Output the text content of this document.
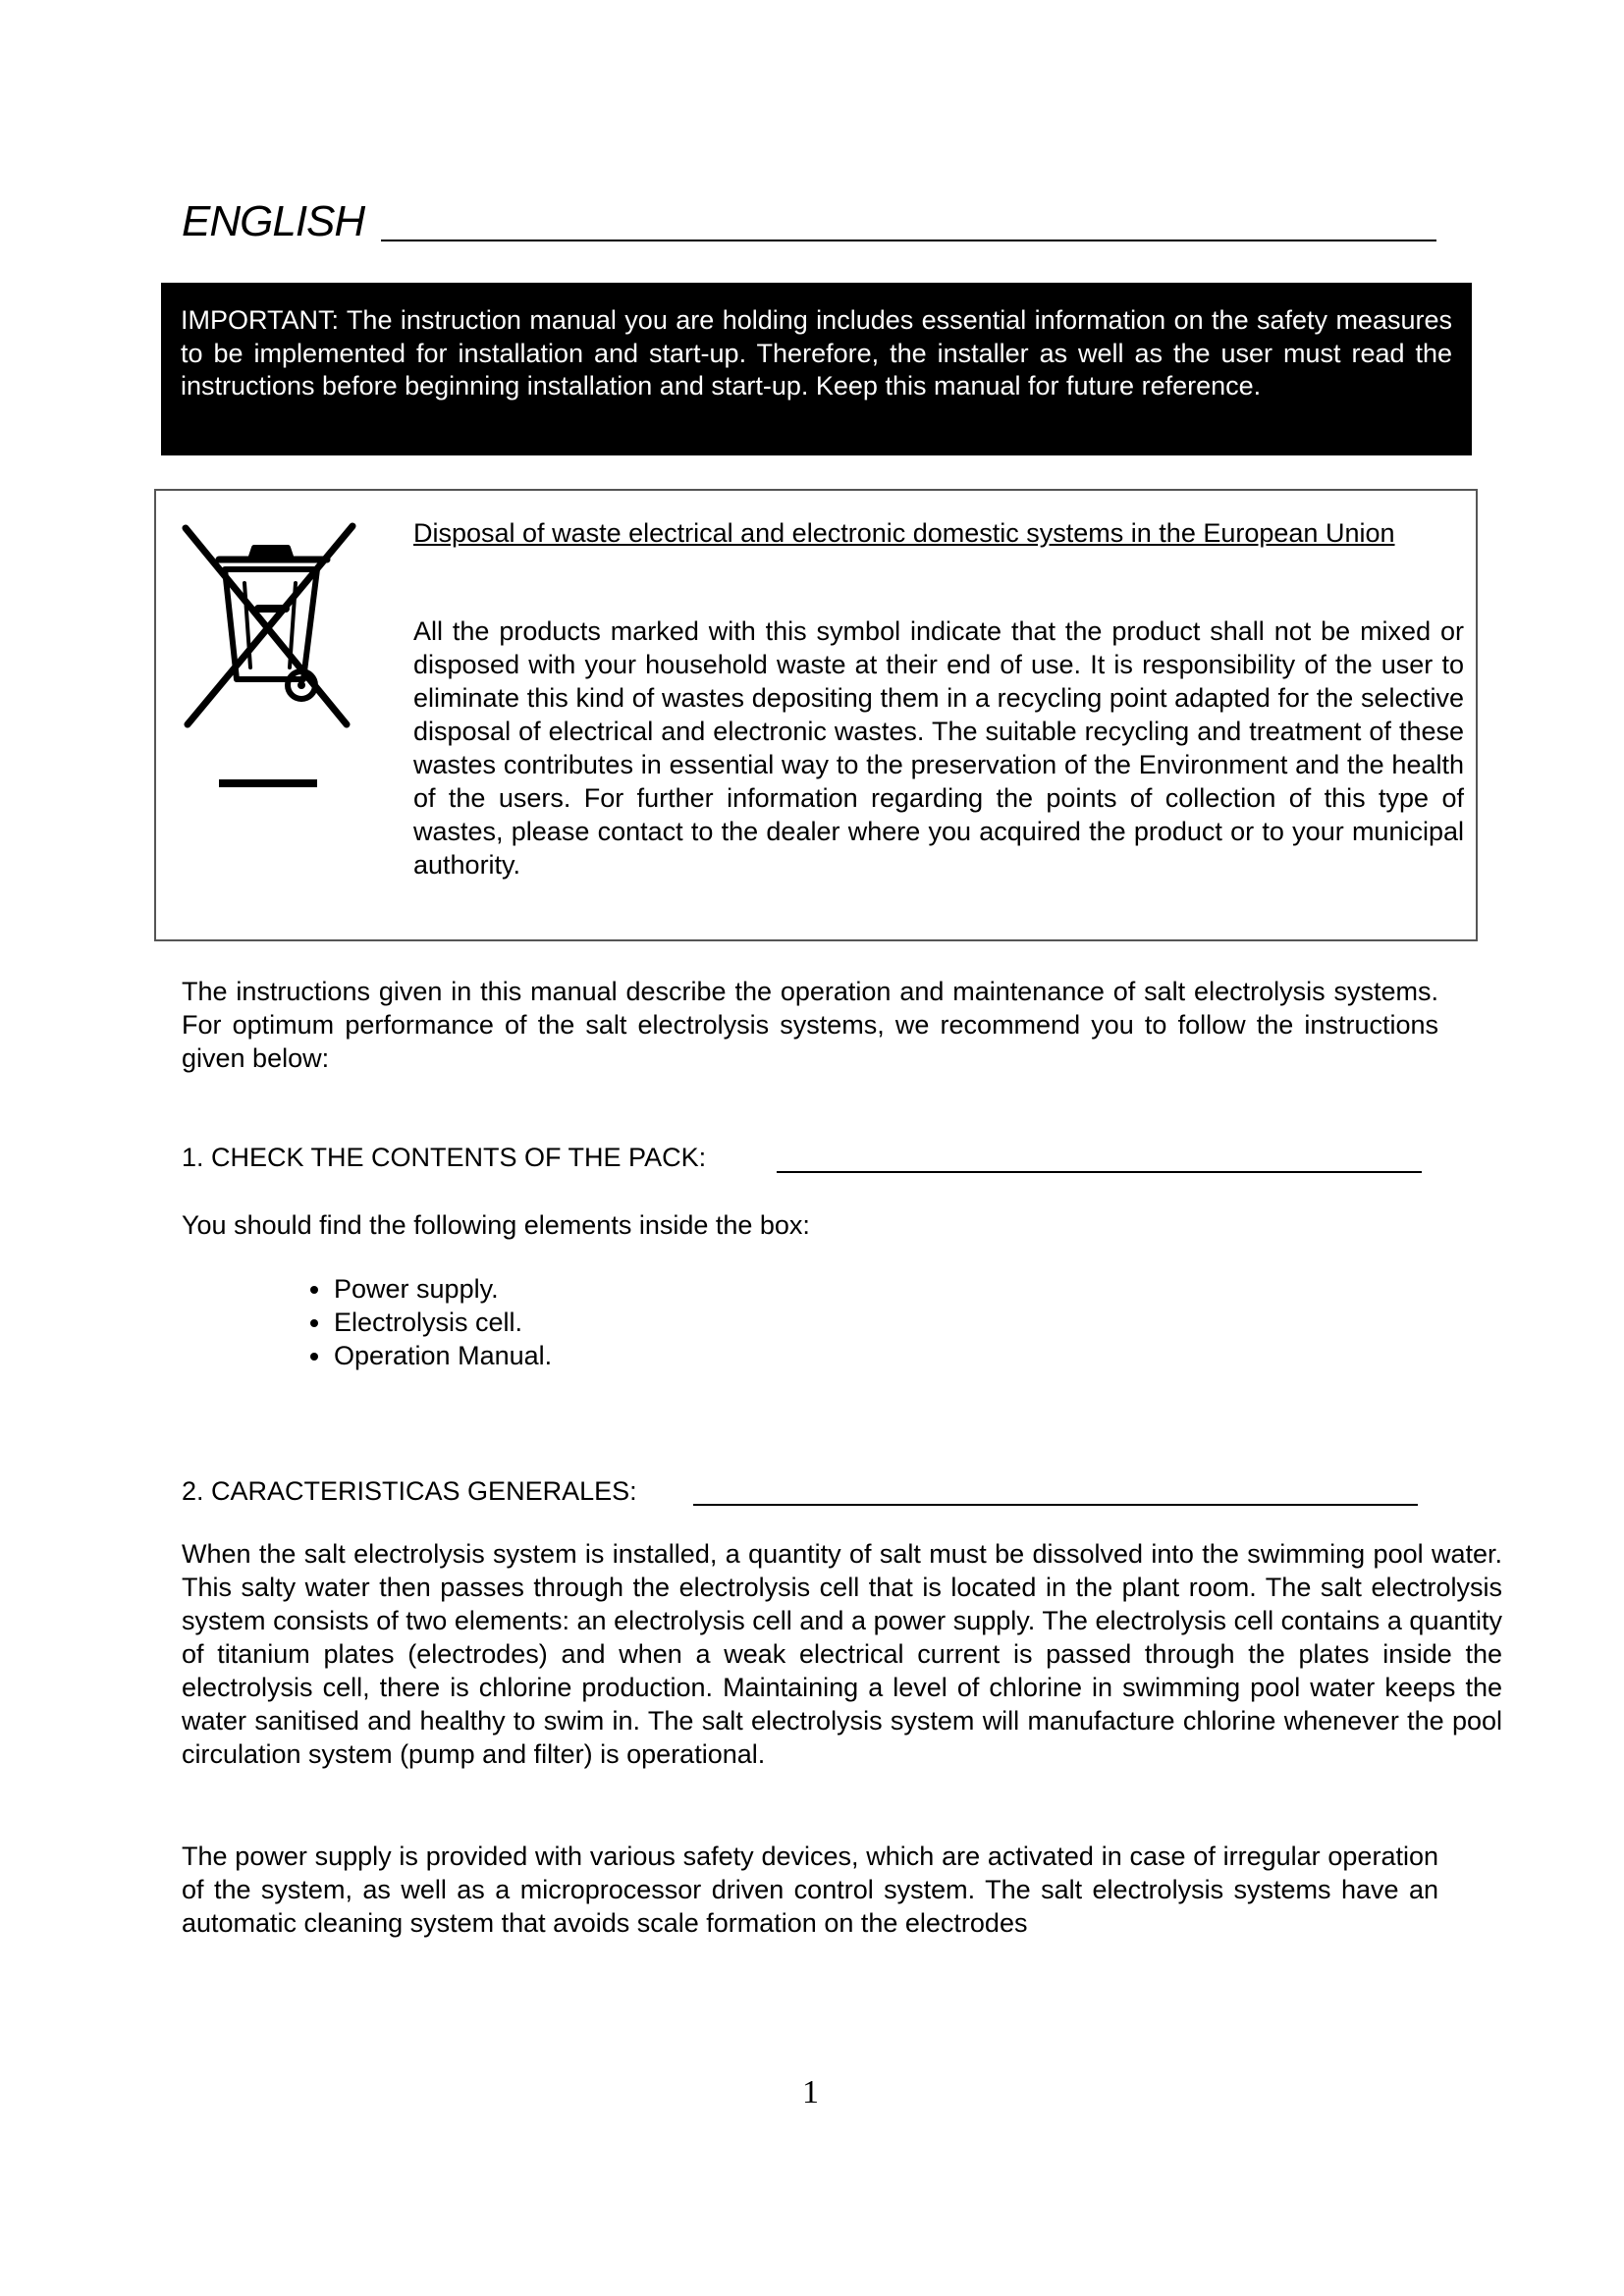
ENGLISH

IMPORTANT: The instruction manual you are holding includes essential information on the safety measures to be implemented for installation and start-up. Therefore, the installer as well as the user must read the instructions before beginning installation and start-up. Keep this manual for future reference.

Disposal of waste electrical and electronic domestic systems in the European Union

All the products marked with this symbol indicate that the product shall not be mixed or disposed with your household waste at their end of use. It is responsibility of the user to eliminate this kind of wastes depositing them in a recycling point adapted for the selective disposal of electrical and electronic wastes. The suitable recycling and treatment of these wastes contributes in essential way to the preservation of the Environment and the health of the users. For further information regarding the points of collection of this type of wastes, please contact to the dealer where you acquired the product or to your municipal authority.

The instructions given in this manual describe the operation and maintenance of salt electrolysis systems. For optimum performance of the salt electrolysis systems, we recommend you to follow the instructions given below:

1. CHECK THE CONTENTS OF THE PACK:
You should find the following elements inside the box:
Power supply.
Electrolysis cell.
Operation Manual.
2. CARACTERISTICAS GENERALES:

When the salt electrolysis system is installed, a quantity of salt must be dissolved into the swimming pool water. This salty water then passes through the electrolysis cell that is located in the plant room. The salt electrolysis system consists of two elements: an electrolysis cell and a power supply. The electrolysis cell contains a quantity of titanium plates (electrodes) and when a weak electrical current is passed through the plates inside the electrolysis cell, there is chlorine production. Maintaining a level of chlorine in swimming pool water keeps the water sanitised and healthy to swim in. The salt electrolysis system will manufacture chlorine whenever the pool circulation system (pump and filter) is operational.

The power supply is provided with various safety devices, which are activated in case of irregular operation of the system, as well as a microprocessor driven control system. The salt electrolysis systems have an automatic cleaning system that avoids scale formation on the electrodes

1
